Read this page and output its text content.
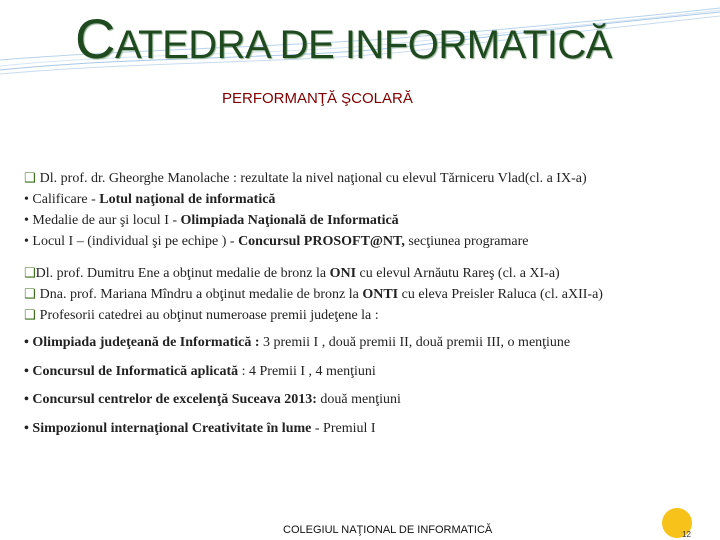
CATEDRA DE INFORMATICĂ
PERFORMANŢĂ ŞCOLARĂ
❑ Dl. prof. dr. Gheorghe Manolache : rezultate la nivel naţional cu elevul Tărniceru Vlad(cl. a IX-a)
• Calificare - Lotul naţional de informatică
• Medalie de aur şi locul I - Olimpiada Naţională de Informatică
• Locul I – (individual şi pe echipe ) - Concursul PROSOFT@NT, secţiunea programare
❑Dl. prof. Dumitru Ene a obţinut medalie de bronz la ONI cu elevul Arnăutu Rareş (cl. a XI-a)
❑ Dna. prof. Mariana Mîndru a obţinut medalie de bronz la ONTI cu eleva Preisler Raluca (cl. aXII-a)
❑ Profesorii catedrei au obţinut numeroase premii judeţene la :
• Olimpiada judeţeană de Informatică : 3 premii I , două premii II, două premii III, o menţiune
• Concursul de Informatică aplicată : 4 Premii I , 4 menţiuni
• Concursul centrelor de excelenţă Suceava 2013: două menţiuni
• Simpozionul internaţional Creativitate în lume - Premiul I
COLEGIUL NAŢIONAL DE INFORMATICĂ	12
